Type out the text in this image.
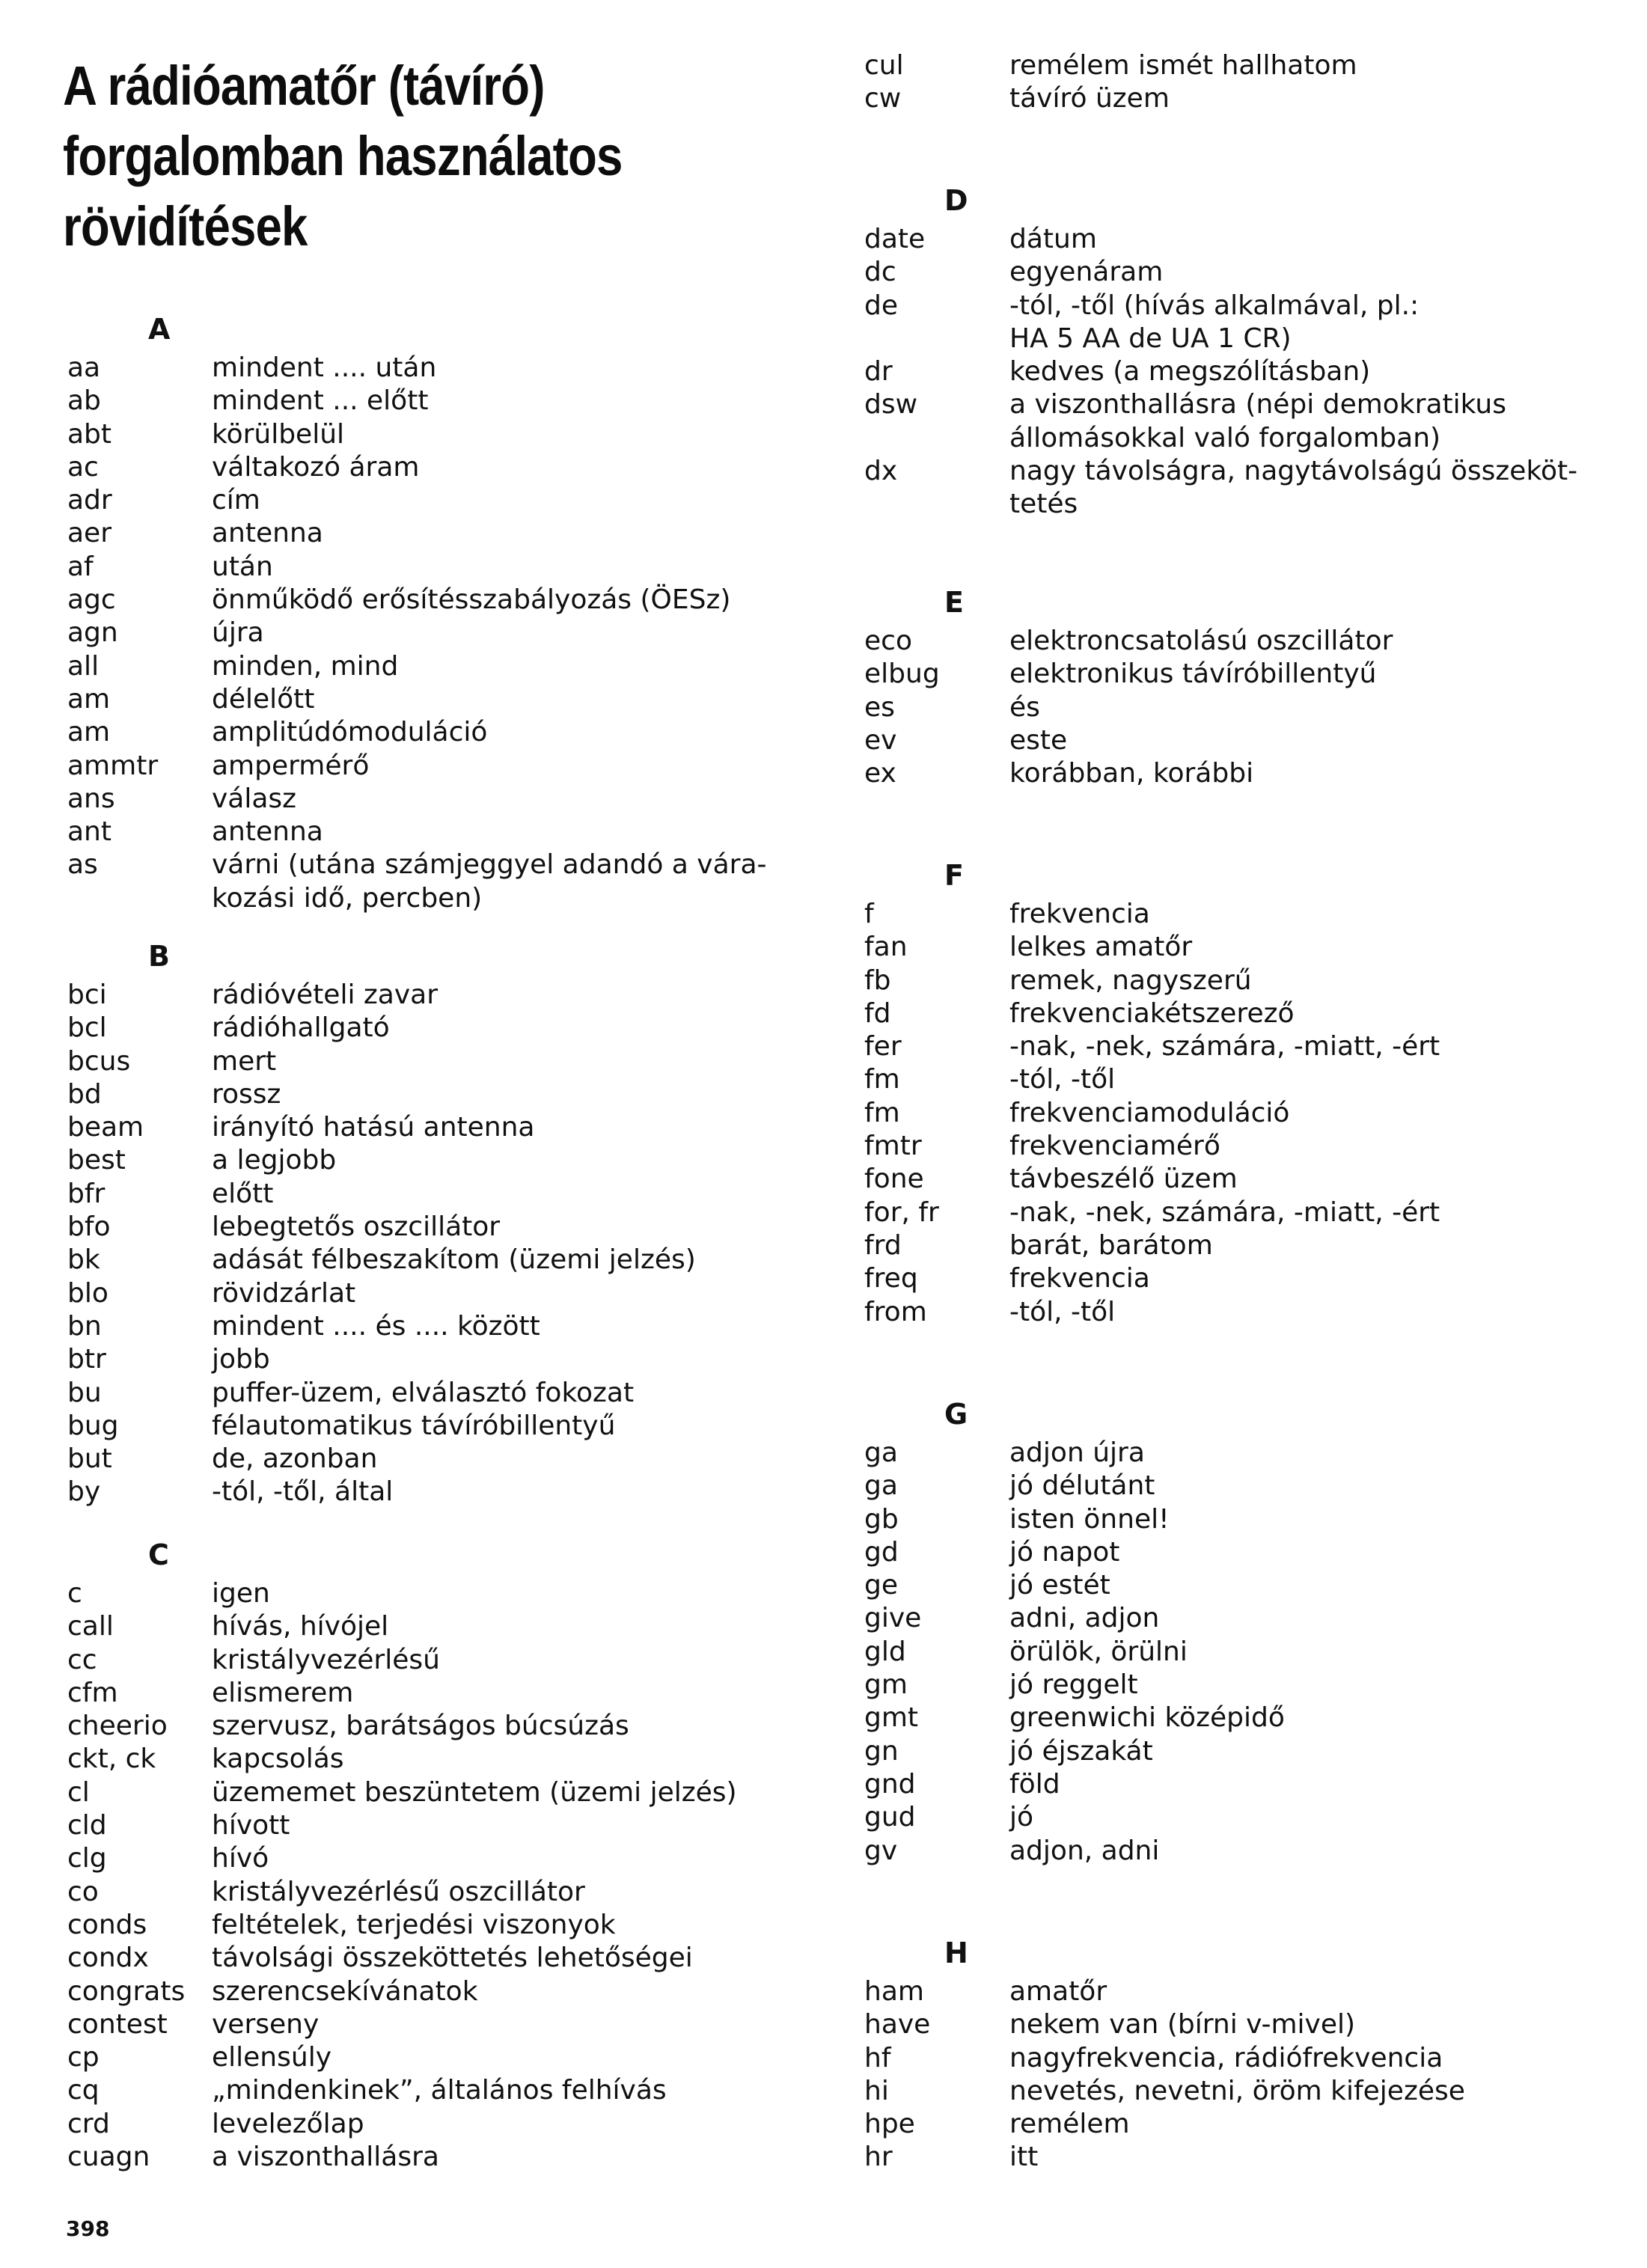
A rádióamatőr (távíró)
forgalomban használatos
rövidítések
A
aa	mindent .... után
ab	mindent ... előtt
abt	körülbelül
ac	váltakozó áram
adr	cím
aer	antenna
af	után
agc	önműködő erősítésszabályozás (ÖESz)
agn	újra
all	minden, mind
am	délelőtt
am	amplitúdómoduláció
ammtr	ampermérő
ans	válasz
ant	antenna
as	várni (utána számjeggyel adandó a vára-
kozási idő, percben)
B
bci	rádióvételi zavar
bcl	rádióhallgató
bcus	mert
bd	rossz
beam	irányító hatású antenna
best	a legjobb
bfr	előtt
bfo	lebegtetős oszcillátor
bk	adását félbeszakítom (üzemi jelzés)
blo	rövidzárlat
bn	mindent .... és .... között
btr	jobb
bu	puffer-üzem, elválasztó fokozat
bug	félautomatikus távíróbillentyű
but	de, azonban
by	-tól, -től, által
C
c	igen
call	hívás, hívójel
cc	kristályvezérlésű
cfm	elismerem
cheerio	szervusz, barátságos búcsúzás
ckt, ck	kapcsolás
cl	üzememet beszüntetem (üzemi jelzés)
cld	hívott
clg	hívó
co	kristályvezérlésű oszcillátor
conds	feltételek, terjedési viszonyok
condx	távolsági összeköttetés lehetőségei
congrats szerencsekívánatok
contest	verseny
cp	ellensúly
cq	„mindenkinek”, általános felhívás
crd	levelezőlap
cuagn	a viszonthallásra
cul	remélem ismét hallhatom
cw	távíró üzem
D
date	dátum
dc	egyenáram
de	-tól, -től (hívás alkalmával, pl.:
HA 5 AA de UA 1 CR)
dr	kedves (a megszólításban)
dsw	a viszonthallásra (népi demokratikus
állomásokkal való forgalomban)
dx	nagy távolságra, nagytávolságú összeköt-
tetés
E
eco	elektroncsatolású oszcillátor
elbug	elektronikus távíróbillentyű
es	és
ev	este
ex	korábban, korábbi
F
f	frekvencia
fan	lelkes amatőr
fb	remek, nagyszerű
fd	frekvenciakétszerező
fer	-nak, -nek, számára, -miatt, -ért
fm	-tól, -től
fm	frekvenciamoduláció
fmtr	frekvenciamérő
fone	távbeszélő üzem
for, fr	-nak, -nek, számára, -miatt, -ért
frd	barát, barátom
freq	frekvencia
from	-tól, -től
G
ga	adjon újra
ga	jó délutánt
gb	isten önnel!
gd	jó napot
ge	jó estét
give	adni, adjon
gld	örülök, örülni
gm	jó reggelt
gmt	greenwichi középidő
gn	jó éjszakát
gnd	föld
gud	jó
gv	adjon, adni
H
ham	amatőr
have	nekem van (bírni v-mivel)
hf	nagyfrekvencia, rádiófrekvencia
hi	nevetés, nevetni, öröm kifejezése
hpe	remélem
hr	itt
398
